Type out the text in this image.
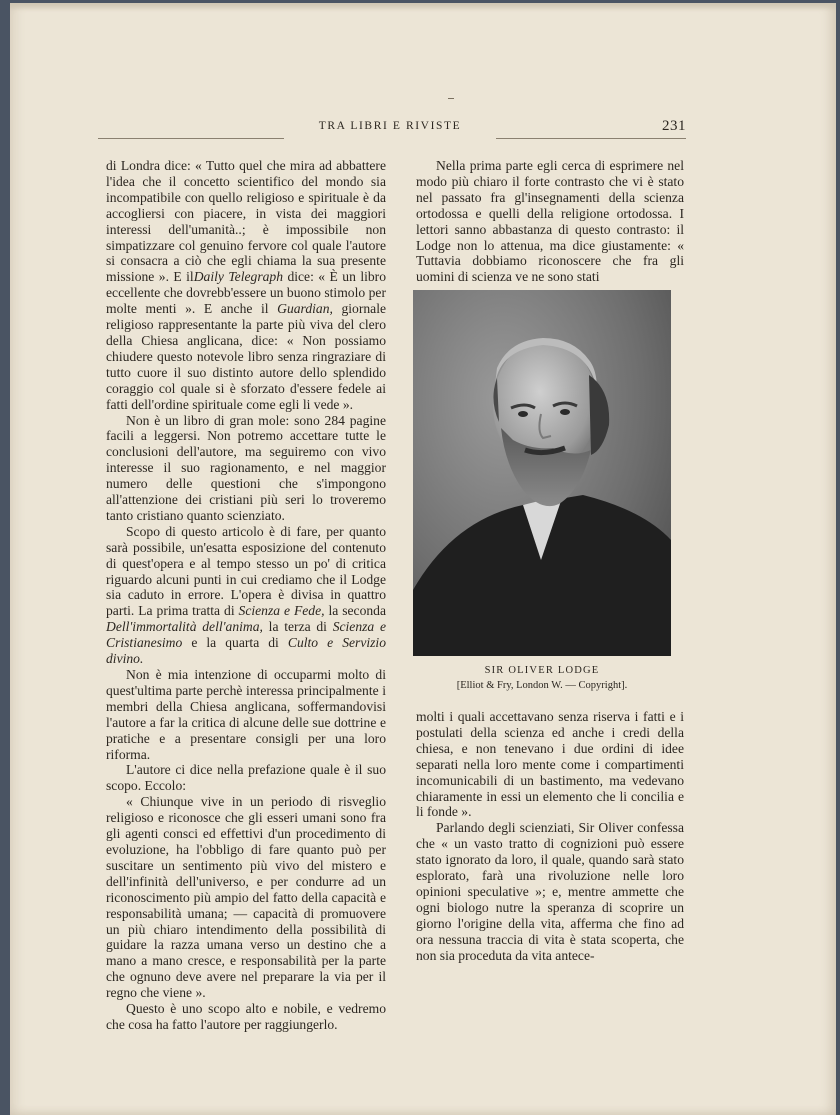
TRA LIBRI E RIVISTE	231

di Londra dice: « Tutto quel che mira ad abbattere l'idea che il concetto scientifico del mondo sia incompatibile con quello religioso e spirituale è da accogliersi con piacere, in vista dei maggiori interessi dell'umanità..; è impossibile non simpatizzare col genuino fervore col quale l'autore si consacra a ciò che egli chiama la sua presente missione ». E ilDaily Telegraph dice: « È un libro eccellente che dovrebb'essere un buono stimolo per molte menti ». E anche il Guardian, giornale religioso rappresentante la parte più viva del clero della Chiesa anglicana, dice: « Non possiamo chiudere questo notevole libro senza ringraziare di tutto cuore il suo distinto autore dello splendido coraggio col quale si è sforzato d'essere fedele ai fatti dell'ordine spirituale come egli li vede ».

Non è un libro di gran mole: sono 284 pagine facili a leggersi. Non potremo accettare tutte le conclusioni dell'autore, ma seguiremo con vivo interesse il suo ragionamento, e nel maggior numero delle questioni che s'impongono all'attenzione dei cristiani più seri lo troveremo tanto cristiano quanto scienziato.

Scopo di questo articolo è di fare, per quanto sarà possibile, un'esatta esposizione del contenuto di quest'opera e al tempo stesso un po' di critica riguardo alcuni punti in cui crediamo che il Lodge sia caduto in errore. L'opera è divisa in quattro parti. La prima tratta di Scienza e Fede, la seconda Dell'immortalità dell'anima, la terza di Scienza e Cristianesimo e la quarta di Culto e Servizio divino.

Non è mia intenzione di occuparmi molto di quest'ultima parte perchè interessa principalmente i membri della Chiesa anglicana, soffermandovisi l'autore a far la critica di alcune delle sue dottrine e pratiche e a presentare consigli per una loro riforma.

L'autore ci dice nella prefazione quale è il suo scopo. Eccolo:

« Chiunque vive in un periodo di risveglio religioso e riconosce che gli esseri umani sono fra gli agenti consci ed effettivi d'un procedimento di evoluzione, ha l'obbligo di fare quanto può per suscitare un sentimento più vivo del mistero e dell'infinità dell'universo, e per condurre ad un riconoscimento più ampio del fatto della capacità e responsabilità umana; — capacità di promuovere un più chiaro intendimento della possibilità di guidare la razza umana verso un destino che a mano a mano cresce, e responsabilità per la parte che ognuno deve avere nel preparare la via per il regno che viene ».

Questo è uno scopo alto e nobile, e vedremo che cosa ha fatto l'autore per raggiungerlo.

Nella prima parte egli cerca di esprimere nel modo più chiaro il forte contrasto che vi è stato nel passato fra gl'insegnamenti della scienza ortodossa e quelli della religione ortodossa. I lettori sanno abbastanza di questo contrasto: il Lodge non lo attenua, ma dice giustamente: « Tuttavia dobbiamo riconoscere che fra gli uomini di scienza ve ne sono stati

SIR OLIVER LODGE
[Elliot & Fry, London W. — Copyright].

molti i quali accettavano senza riserva i fatti e i postulati della scienza ed anche i credi della chiesa, e non tenevano i due ordini di idee separati nella loro mente come i compartimenti incomunicabili di un bastimento, ma vedevano chiaramente in essi un elemento che li concilia e li fonde ».

Parlando degli scienziati, Sir Oliver confessa che « un vasto tratto di cognizioni può essere stato ignorato da loro, il quale, quando sarà stato esplorato, farà una rivoluzione nelle loro opinioni speculative »; e, mentre ammette che ogni biologo nutre la speranza di scoprire un giorno l'origine della vita, afferma che fino ad ora nessuna traccia di vita è stata scoperta, che non sia proceduta da vita antece-
